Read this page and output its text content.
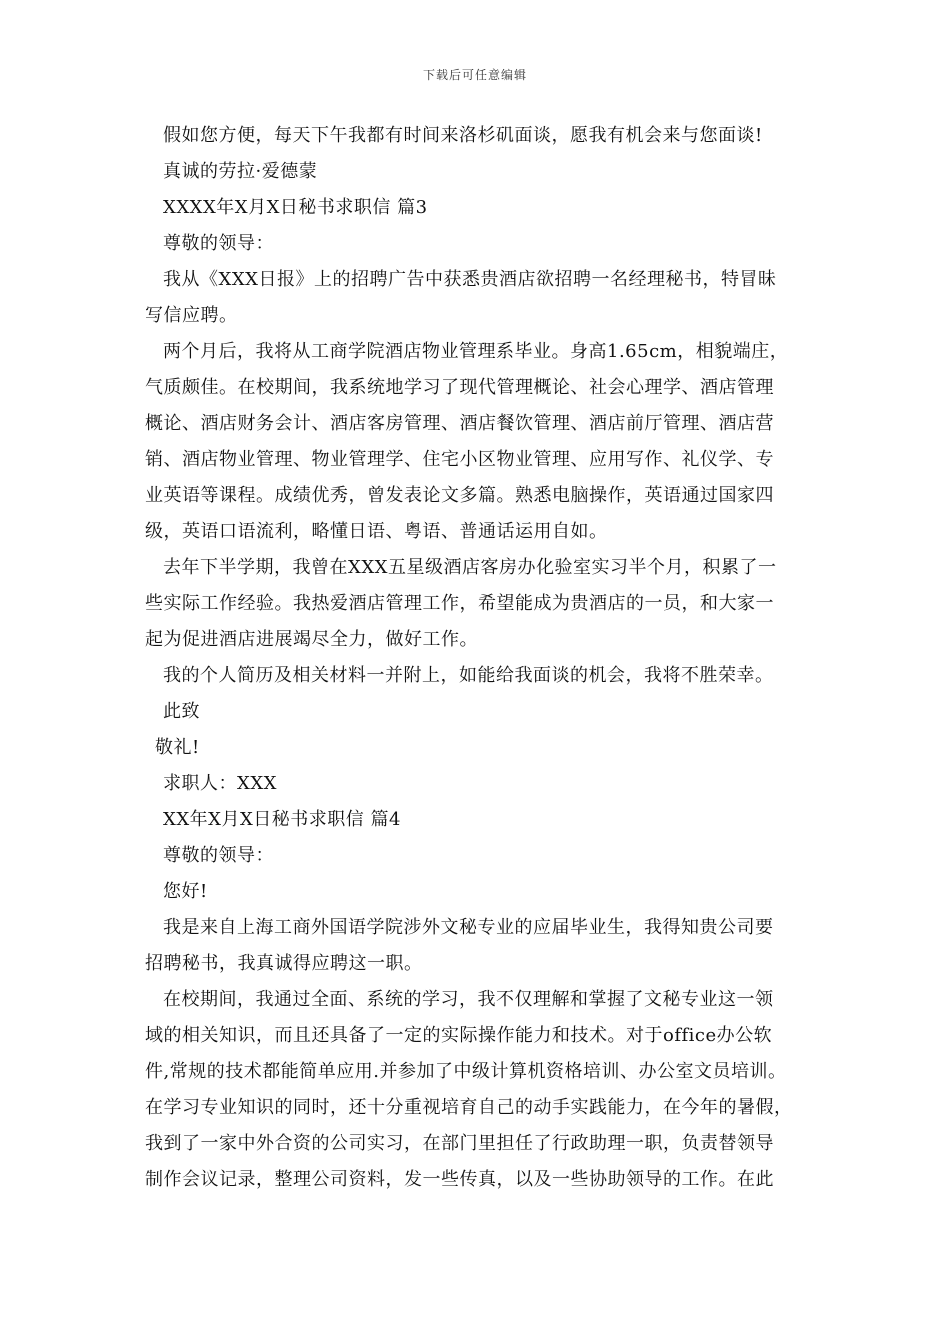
下载后可任意编辑
假如您方便，每天下午我都有时间来洛杉矶面谈，愿我有机会来与您面谈!
真诚的劳拉·爱德蒙
XXXX年X月X日秘书求职信 篇3
尊敬的领导：
我从《XXX日报》上的招聘广告中获悉贵酒店欲招聘一名经理秘书，特冒昧
写信应聘。
两个月后，我将从工商学院酒店物业管理系毕业。身高1.65cm，相貌端庄，
气质颇佳。在校期间，我系统地学习了现代管理概论、社会心理学、酒店管理
概论、酒店财务会计、酒店客房管理、酒店餐饮管理、酒店前厅管理、酒店营
销、酒店物业管理、物业管理学、住宅小区物业管理、应用写作、礼仪学、专
业英语等课程。成绩优秀，曾发表论文多篇。熟悉电脑操作，英语通过国家四
级，英语口语流利，略懂日语、粤语、普通话运用自如。
去年下半学期，我曾在XXX五星级酒店客房办化验室实习半个月，积累了一
些实际工作经验。我热爱酒店管理工作，希望能成为贵酒店的一员，和大家一
起为促进酒店进展竭尽全力，做好工作。
我的个人简历及相关材料一并附上，如能给我面谈的机会，我将不胜荣幸。
此致
敬礼!
求职人：XXX
XX年X月X日秘书求职信 篇4
尊敬的领导：
您好!
我是来自上海工商外国语学院涉外文秘专业的应届毕业生，我得知贵公司要
招聘秘书，我真诚得应聘这一职。
在校期间，我通过全面、系统的学习，我不仅理解和掌握了文秘专业这一领
域的相关知识，而且还具备了一定的实际操作能力和技术。对于office办公软
件,常规的技术都能简单应用.并参加了中级计算机资格培训、办公室文员培训。
在学习专业知识的同时，还十分重视培育自己的动手实践能力，在今年的暑假，
我到了一家中外合资的公司实习，在部门里担任了行政助理一职，负责替领导
制作会议记录，整理公司资料，发一些传真，以及一些协助领导的工作。在此
